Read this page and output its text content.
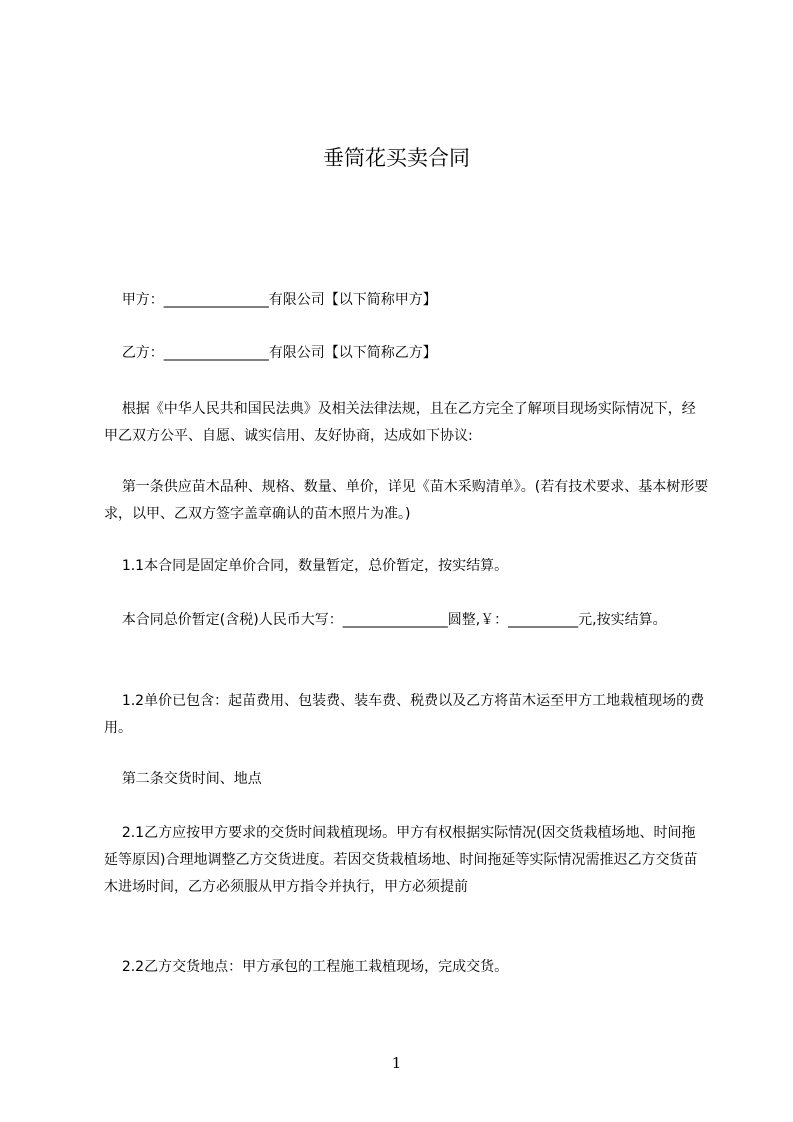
垂筒花买卖合同
甲方：_______________有限公司【以下简称甲方】
乙方：_______________有限公司【以下简称乙方】
根据《中华人民共和国民法典》及相关法律法规，且在乙方完全了解项目现场实际情况下，经甲乙双方公平、自愿、诚实信用、友好协商，达成如下协议:
第一条供应苗木品种、规格、数量、单价，详见《苗木采购清单》。(若有技术要求、基本树形要求，以甲、乙双方签字盖章确认的苗木照片为准。)
1.1本合同是固定单价合同，数量暂定，总价暂定，按实结算。
本合同总价暂定(含税)人民币大写：_______________圆整,￥：__________元,按实结算。
1.2单价已包含：起苗费用、包装费、装车费、税费以及乙方将苗木运至甲方工地栽植现场的费用。
第二条交货时间、地点
2.1乙方应按甲方要求的交货时间栽植现场。甲方有权根据实际情况(因交货栽植场地、时间拖延等原因)合理地调整乙方交货进度。若因交货栽植场地、时间拖延等实际情况需推迟乙方交货苗木进场时间，乙方必须服从甲方指令并执行，甲方必须提前
2.2乙方交货地点：甲方承包的工程施工栽植现场，完成交货。
1
